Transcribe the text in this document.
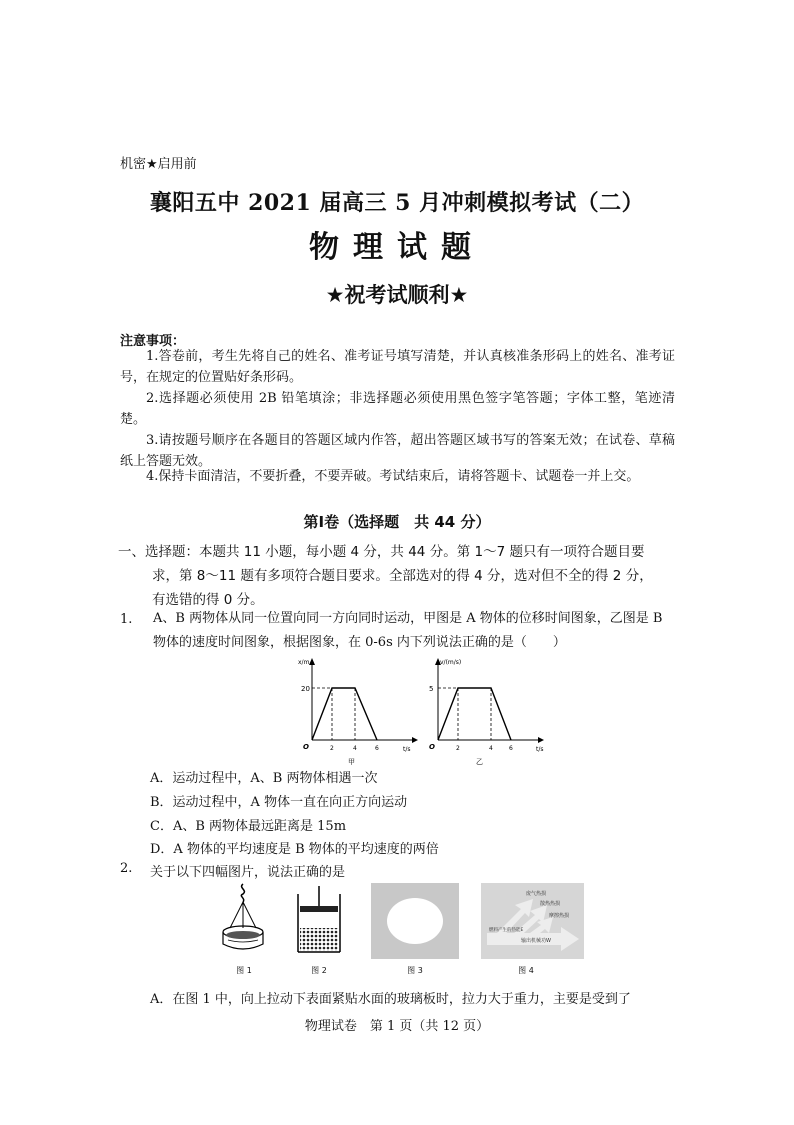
机密★启用前
襄阳五中 2021 届高三 5 月冲刺模拟考试（二）
物理试题
★祝考试顺利★
注意事项：
1.答卷前，考生先将自己的姓名、准考证号填写清楚，并认真核准条形码上的姓名、准考证号，在规定的位置贴好条形码。
2.选择题必须使用 2B 铅笔填涂；非选择题必须使用黑色签字笔答题；字体工整，笔迹清楚。
3.请按题号顺序在各题目的答题区域内作答，超出答题区域书写的答案无效；在试卷、草稿纸上答题无效。
4.保持卡面清洁，不要折叠，不要弄破。考试结束后，请将答题卡、试题卷一并上交。
第Ⅰ卷（选择题　共 44 分）
一、选择题：本题共 11 小题，每小题 4 分，共 44 分。第 1～7 题只有一项符合题目要
求，第 8～11 题有多项符合题目要求。全部选对的得 4 分，选对但不全的得 2 分，
有选错的得 0 分。
1. A、B 两物体从同一位置向同一方向同时运动，甲图是 A 物体的位移时间图象，乙图是 B 物体的速度时间图象，根据图象，在 0-6s 内下列说法正确的是（　　）
x/m
t/s
20
O	2	4	6
甲
v/(m/s)
t/s
5
O	2	4	6
乙
A．运动过程中，A、B 两物体相遇一次
B．运动过程中，A 物体一直在向正方向运动
C．A、B 两物体最远距离是 15m
D．A 物体的平均速度是 B 物体的平均速度的两倍
2. 关于以下四幅图片，说法正确的是
图 1	图 2	图 3
废气热损
散热热损
摩擦热损
燃料产生的热能E
输出机械功W
图 4
A．在图 1 中，向上拉动下表面紧贴水面的玻璃板时，拉力大于重力，主要是受到了
物理试卷　第 1 页（共 12 页）
